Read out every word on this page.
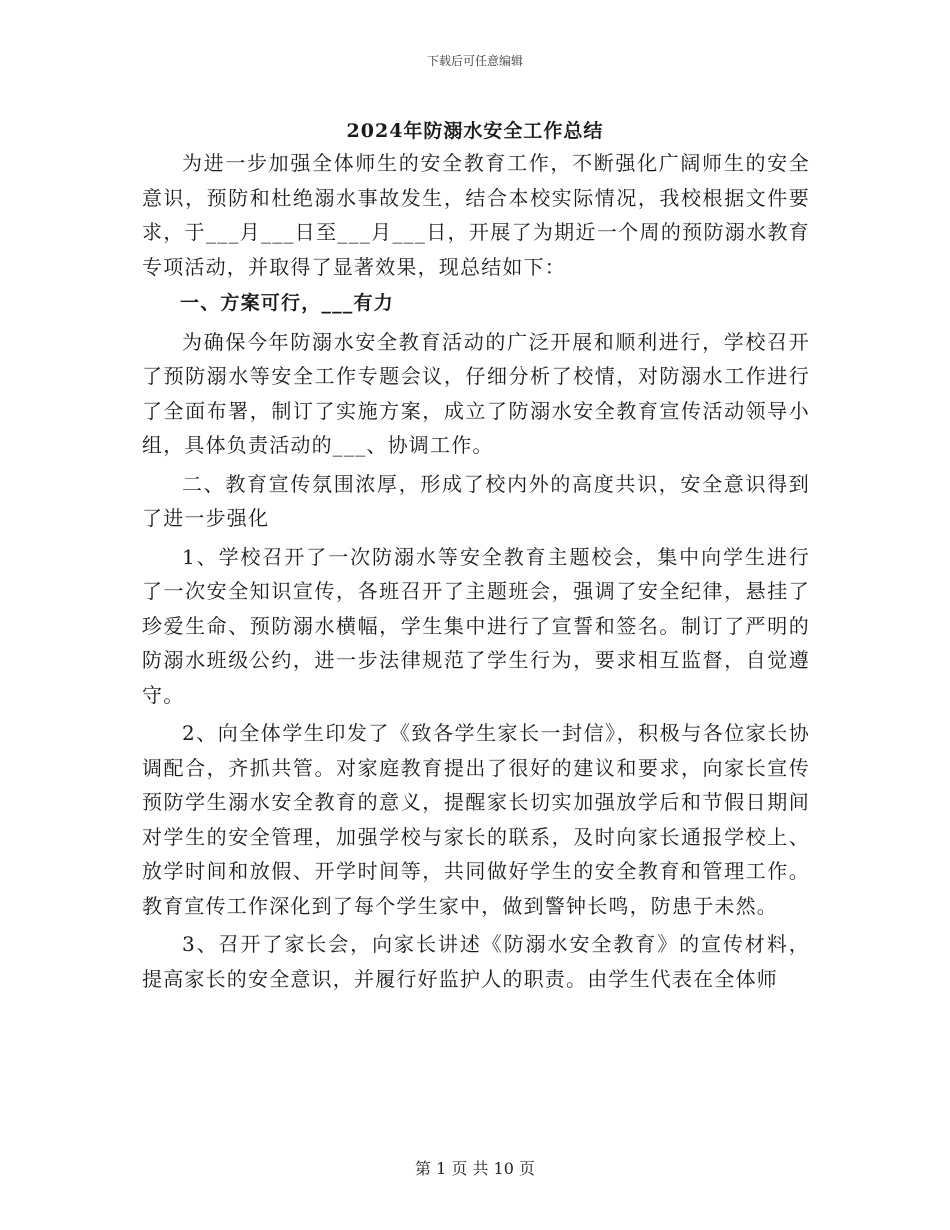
下载后可任意编辑
2024年防溺水安全工作总结

为进一步加强全体师生的安全教育工作，不断强化广阔师生的安全意识，预防和杜绝溺水事故发生，结合本校实际情况，我校根据文件要求，于___月___日至___月___日，开展了为期近一个周的预防溺水教育专项活动，并取得了显著效果，现总结如下：

一、方案可行，___有力

为确保今年防溺水安全教育活动的广泛开展和顺利进行，学校召开了预防溺水等安全工作专题会议，仔细分析了校情，对防溺水工作进行了全面布署，制订了实施方案，成立了防溺水安全教育宣传活动领导小组，具体负责活动的___、协调工作。

二、教育宣传氛围浓厚，形成了校内外的高度共识，安全意识得到了进一步强化

1、学校召开了一次防溺水等安全教育主题校会，集中向学生进行了一次安全知识宣传，各班召开了主题班会，强调了安全纪律，悬挂了珍爱生命、预防溺水横幅，学生集中进行了宣誓和签名。制订了严明的防溺水班级公约，进一步法律规范了学生行为，要求相互监督，自觉遵守。

2、向全体学生印发了《致各学生家长一封信》，积极与各位家长协调配合，齐抓共管。对家庭教育提出了很好的建议和要求，向家长宣传预防学生溺水安全教育的意义，提醒家长切实加强放学后和节假日期间对学生的安全管理，加强学校与家长的联系，及时向家长通报学校上、放学时间和放假、开学时间等，共同做好学生的安全教育和管理工作。教育宣传工作深化到了每个学生家中，做到警钟长鸣，防患于未然。

3、召开了家长会，向家长讲述《防溺水安全教育》的宣传材料，提高家长的安全意识，并履行好监护人的职责。由学生代表在全体师

第 1 页 共 10 页
